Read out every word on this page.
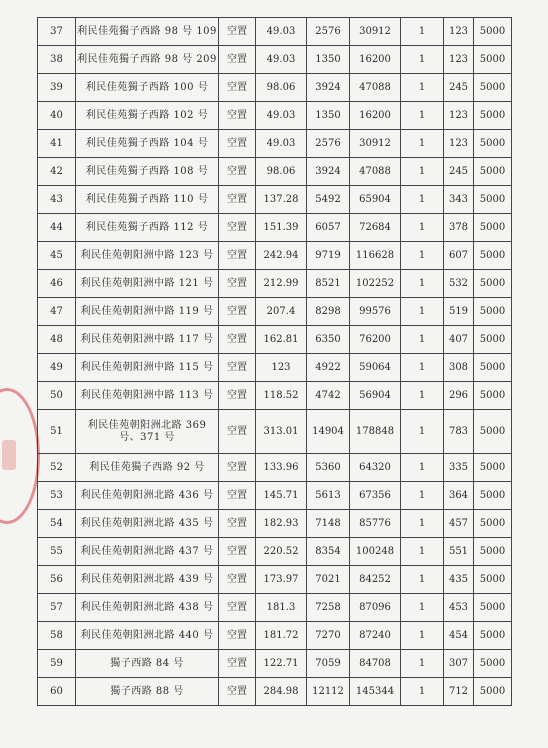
37	利民佳苑獨子西路 98 号 109	空置	49.03	2576	30912	1	123	5000
38	利民佳苑獨子西路 98 号 209	空置	49.03	1350	16200	1	123	5000
39	利民佳苑獨子西路 100 号	空置	98.06	3924	47088	1	245	5000
40	利民佳苑獨子西路 102 号	空置	49.03	1350	16200	1	123	5000
41	利民佳苑獨子西路 104 号	空置	49.03	2576	30912	1	123	5000
42	利民佳苑獨子西路 108 号	空置	98.06	3924	47088	1	245	5000
43	利民佳苑獨子西路 110 号	空置	137.28	5492	65904	1	343	5000
44	利民佳苑獨子西路 112 号	空置	151.39	6057	72684	1	378	5000
45	利民佳苑朝阳洲中路 123 号	空置	242.94	9719	116628	1	607	5000
46	利民佳苑朝阳洲中路 121 号	空置	212.99	8521	102252	1	532	5000
47	利民佳苑朝阳洲中路 119 号	空置	207.4	8298	99576	1	519	5000
48	利民佳苑朝阳洲中路 117 号	空置	162.81	6350	76200	1	407	5000
49	利民佳苑朝阳洲中路 115 号	空置	123	4922	59064	1	308	5000
50	利民佳苑朝阳洲中路 113 号	空置	118.52	4742	56904	1	296	5000
51	利民佳苑朝阳洲北路 369 号、371 号	空置	313.01	14904	178848	1	783	5000
52	利民佳苑獨子西路 92 号	空置	133.96	5360	64320	1	335	5000
53	利民佳苑朝阳洲北路 436 号	空置	145.71	5613	67356	1	364	5000
54	利民佳苑朝阳洲北路 435 号	空置	182.93	7148	85776	1	457	5000
55	利民佳苑朝阳洲北路 437 号	空置	220.52	8354	100248	1	551	5000
56	利民佳苑朝阳洲北路 439 号	空置	173.97	7021	84252	1	435	5000
57	利民佳苑朝阳洲北路 438 号	空置	181.3	7258	87096	1	453	5000
58	利民佳苑朝阳洲北路 440 号	空置	181.72	7270	87240	1	454	5000
59	獨子西路 84 号	空置	122.71	7059	84708	1	307	5000
60	獨子西路 88 号	空置	284.98	12112	145344	1	712	5000
